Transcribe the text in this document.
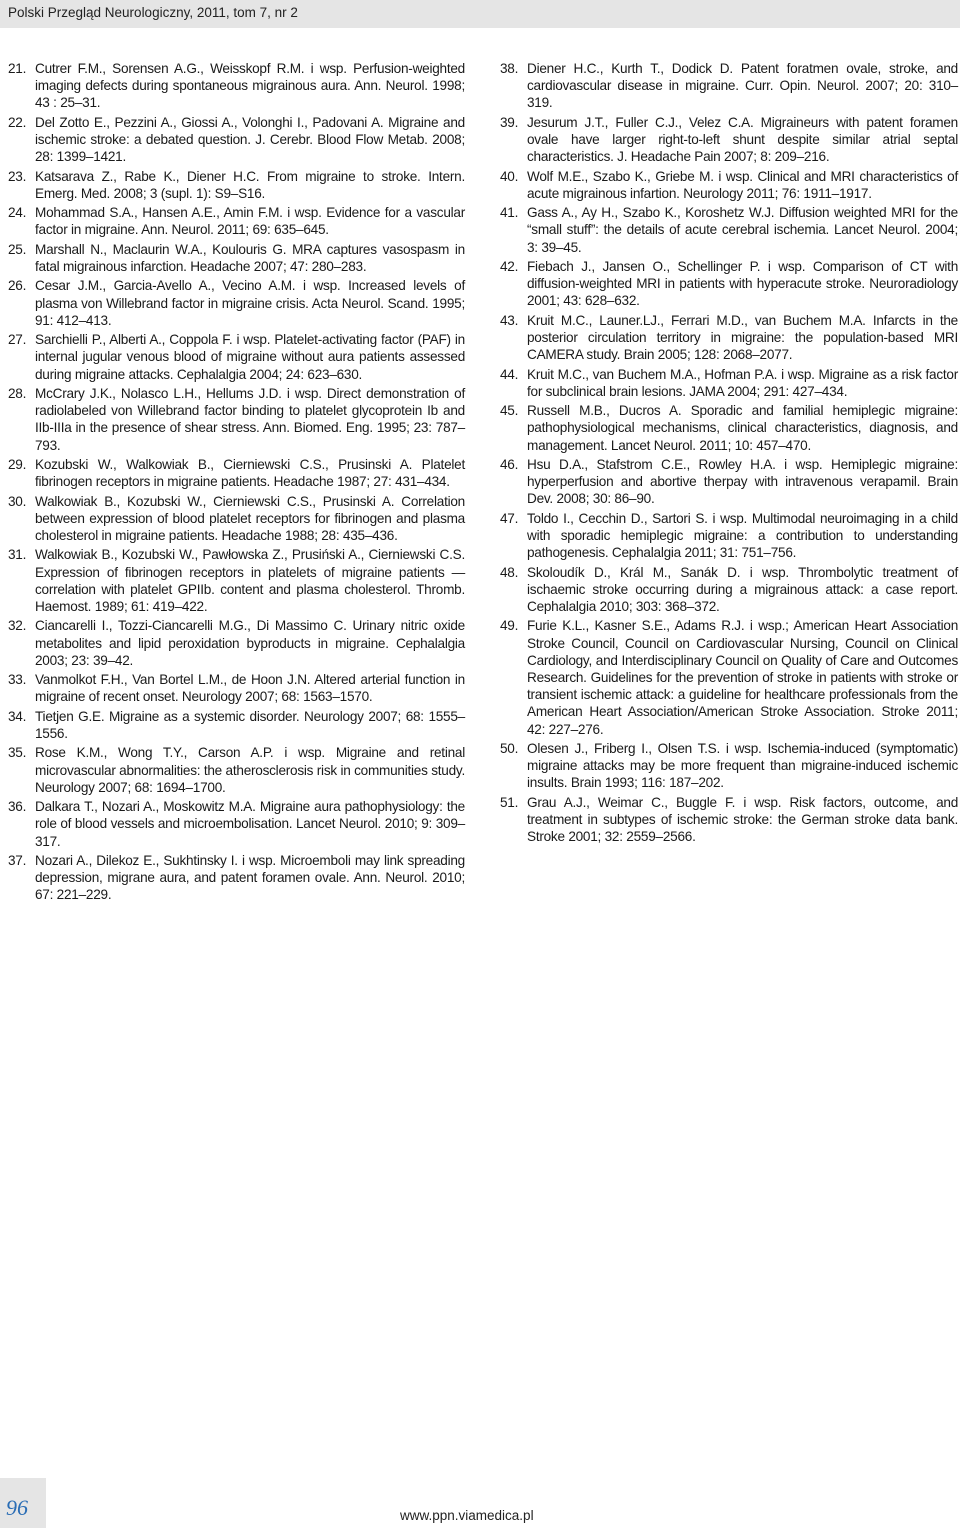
Polski Przegląd Neurologiczny, 2011, tom 7, nr 2
21. Cutrer F.M., Sorensen A.G., Weisskopf R.M. i wsp. Perfusion-weighted imaging defects during spontaneous migrainous aura. Ann. Neurol. 1998; 43 : 25–31.
22. Del Zotto E., Pezzini A., Giossi A., Volonghi I., Padovani A. Migraine and ischemic stroke: a debated question. J. Cerebr. Blood Flow Metab. 2008; 28: 1399–1421.
23. Katsarava Z., Rabe K., Diener H.C. From migraine to stroke. Intern. Emerg. Med. 2008; 3 (supl. 1): S9–S16.
24. Mohammad S.A., Hansen A.E., Amin F.M. i wsp. Evidence for a vascular factor in migraine. Ann. Neurol. 2011; 69: 635–645.
25. Marshall N., Maclaurin W.A., Koulouris G. MRA captures vasospasm in fatal migrainous infarction. Headache 2007; 47: 280–283.
26. Cesar J.M., Garcia-Avello A., Vecino A.M. i wsp. Increased levels of plasma von Willebrand factor in migraine crisis. Acta Neurol. Scand. 1995; 91: 412–413.
27. Sarchielli P., Alberti A., Coppola F. i wsp. Platelet-activating factor (PAF) in internal jugular venous blood of migraine without aura patients assessed during migraine attacks. Cephalalgia 2004; 24: 623–630.
28. McCrary J.K., Nolasco L.H., Hellums J.D. i wsp. Direct demonstration of radiolabeled von Willebrand factor binding to platelet glycoprotein Ib and IIb-IIIa in the presence of shear stress. Ann. Biomed. Eng. 1995; 23: 787–793.
29. Kozubski W., Walkowiak B., Cierniewski C.S., Prusinski A. Platelet fibrinogen receptors in migraine patients. Headache 1987; 27: 431–434.
30. Walkowiak B., Kozubski W., Cierniewski C.S., Prusinski A. Correlation between expression of blood platelet receptors for fibrinogen and plasma cholesterol in migraine patients. Headache 1988; 28: 435–436.
31. Walkowiak B., Kozubski W., Pawłowska Z., Prusiński A., Cierniewski C.S. Expression of fibrinogen receptors in platelets of migraine patients — correlation with platelet GPIIb. content and plasma cholesterol. Thromb. Haemost. 1989; 61: 419–422.
32. Ciancarelli I., Tozzi-Ciancarelli M.G., Di Massimo C. Urinary nitric oxide metabolites and lipid peroxidation byproducts in migraine. Cephalalgia 2003; 23: 39–42.
33. Vanmolkot F.H., Van Bortel L.M., de Hoon J.N. Altered arterial function in migraine of recent onset. Neurology 2007; 68: 1563–1570.
34. Tietjen G.E. Migraine as a systemic disorder. Neurology 2007; 68: 1555–1556.
35. Rose K.M., Wong T.Y., Carson A.P. i wsp. Migraine and retinal microvascular abnormalities: the atherosclerosis risk in communities study. Neurology 2007; 68: 1694–1700.
36. Dalkara T., Nozari A., Moskowitz M.A. Migraine aura pathophysiology: the role of blood vessels and microembolisation. Lancet Neurol. 2010; 9: 309–317.
37. Nozari A., Dilekoz E., Sukhtinsky I. i wsp. Microemboli may link spreading depression, migrane aura, and patent foramen ovale. Ann. Neurol. 2010; 67: 221–229.
38. Diener H.C., Kurth T., Dodick D. Patent foratmen ovale, stroke, and cardiovascular disease in migraine. Curr. Opin. Neurol. 2007; 20: 310–319.
39. Jesurum J.T., Fuller C.J., Velez C.A. Migraineurs with patent foramen ovale have larger right-to-left shunt despite similar atrial septal characteristics. J. Headache Pain 2007; 8: 209–216.
40. Wolf M.E., Szabo K., Griebe M. i wsp. Clinical and MRI characteristics of acute migrainous infartion. Neurology 2011; 76: 1911–1917.
41. Gass A., Ay H., Szabo K., Koroshetz W.J. Diffusion weighted MRI for the “small stuff”: the details of acute cerebral ischemia. Lancet Neurol. 2004; 3: 39–45.
42. Fiebach J., Jansen O., Schellinger P. i wsp. Comparison of CT with diffusion-weighted MRI in patients with hyperacute stroke. Neuroradiology 2001; 43: 628–632.
43. Kruit M.C., Launer.LJ., Ferrari M.D., van Buchem M.A. Infarcts in the posterior circulation territory in migraine: the population-based MRI CAMERA study. Brain 2005; 128: 2068–2077.
44. Kruit M.C., van Buchem M.A., Hofman P.A. i wsp. Migraine as a risk factor for subclinical brain lesions. JAMA 2004; 291: 427–434.
45. Russell M.B., Ducros A. Sporadic and familial hemiplegic migraine: pathophysiological mechanisms, clinical characteristics, diagnosis, and management. Lancet Neurol. 2011; 10: 457–470.
46. Hsu D.A., Stafstrom C.E., Rowley H.A. i wsp. Hemiplegic migraine: hyperperfusion and abortive therpay with intravenous verapamil. Brain Dev. 2008; 30: 86–90.
47. Toldo I., Cecchin D., Sartori S. i wsp. Multimodal neuroimaging in a child with sporadic hemiplegic migraine: a contribution to understanding pathogenesis. Cephalalgia 2011; 31: 751–756.
48. Skoloudík D., Král M., Sanák D. i wsp. Thrombolytic treatment of ischaemic stroke occurring during a migrainous attack: a case report. Cephalalgia 2010; 303: 368–372.
49. Furie K.L., Kasner S.E., Adams R.J. i wsp.; American Heart Association Stroke Council, Council on Cardiovascular Nursing, Council on Clinical Cardiology, and Interdisciplinary Council on Quality of Care and Outcomes Research. Guidelines for the prevention of stroke in patients with stroke or transient ischemic attack: a guideline for healthcare professionals from the American Heart Association/American Stroke Association. Stroke 2011; 42: 227–276.
50. Olesen J., Friberg I., Olsen T.S. i wsp. Ischemia-induced (symptomatic) migraine attacks may be more frequent than migraine-induced ischemic insults. Brain 1993; 116: 187–202.
51. Grau A.J., Weimar C., Buggle F. i wsp. Risk factors, outcome, and treatment in subtypes of ischemic stroke: the German stroke data bank. Stroke 2001; 32: 2559–2566.
96	www.ppn.viamedica.pl
